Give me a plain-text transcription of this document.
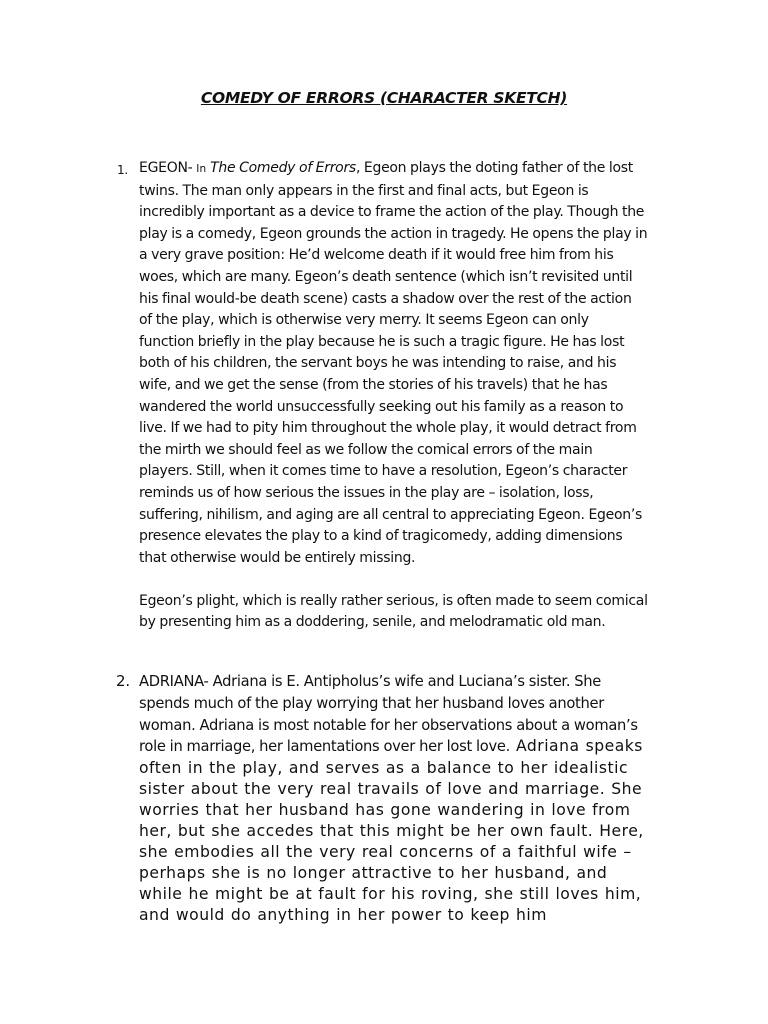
COMEDY OF ERRORS (CHARACTER SKETCH)
1. EGEON- In The Comedy of Errors, Egeon plays the doting father of the lost
twins. The man only appears in the first and final acts, but Egeon is
incredibly important as a device to frame the action of the play. Though the
play is a comedy, Egeon grounds the action in tragedy. He opens the play in
a very grave position: He’d welcome death if it would free him from his
woes, which are many. Egeon’s death sentence (which isn’t revisited until
his final would-be death scene) casts a shadow over the rest of the action
of the play, which is otherwise very merry. It seems Egeon can only
function briefly in the play because he is such a tragic figure. He has lost
both of his children, the servant boys he was intending to raise, and his
wife, and we get the sense (from the stories of his travels) that he has
wandered the world unsuccessfully seeking out his family as a reason to
live. If we had to pity him throughout the whole play, it would detract from
the mirth we should feel as we follow the comical errors of the main
players. Still, when it comes time to have a resolution, Egeon’s character
reminds us of how serious the issues in the play are – isolation, loss,
suffering, nihilism, and aging are all central to appreciating Egeon. Egeon’s
presence elevates the play to a kind of tragicomedy, adding dimensions
that otherwise would be entirely missing.

Egeon’s plight, which is really rather serious, is often made to seem comical
by presenting him as a doddering, senile, and melodramatic old man.

2. ADRIANA- Adriana is E. Antipholus’s wife and Luciana’s sister. She
spends much of the play worrying that her husband loves another
woman. Adriana is most notable for her observations about a woman’s
role in marriage, her lamentations over her lost love. Adriana speaks
often in the play, and serves as a balance to her idealistic
sister about the very real travails of love and marriage. She
worries that her husband has gone wandering in love from
her, but she accedes that this might be her own fault. Here,
she embodies all the very real concerns of a faithful wife –
perhaps she is no longer attractive to her husband, and
while he might be at fault for his roving, she still loves him,
and would do anything in her power to keep him
